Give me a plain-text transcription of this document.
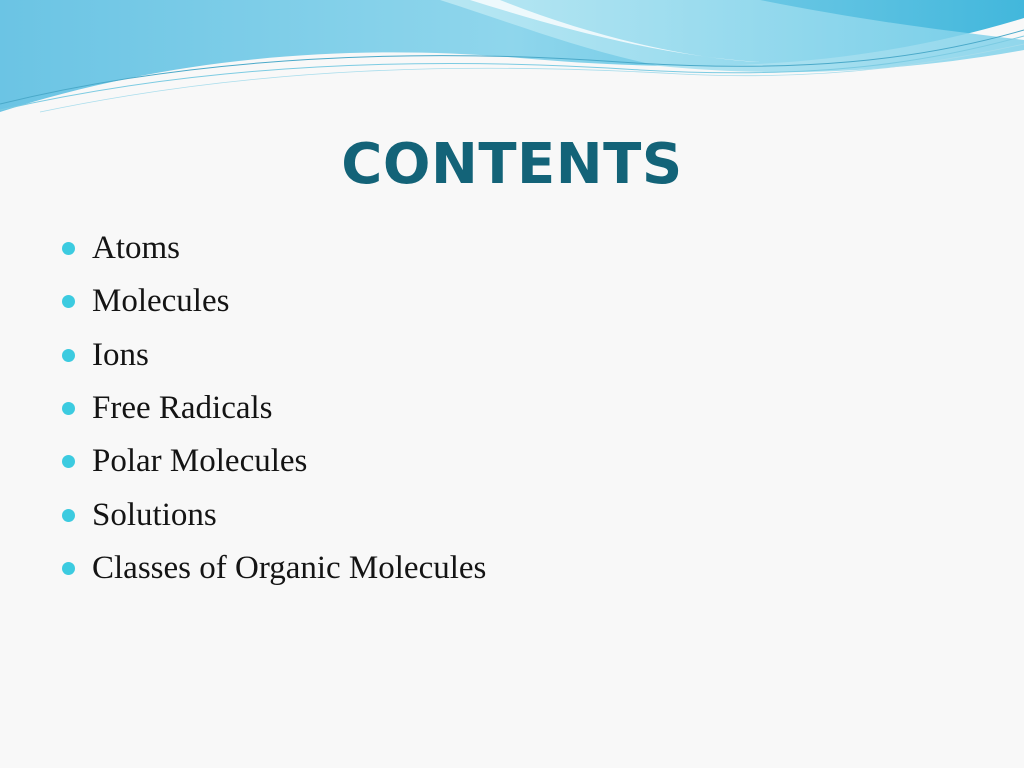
CONTENTS
Atoms
Molecules
Ions
Free Radicals
Polar Molecules
Solutions
Classes of Organic Molecules
